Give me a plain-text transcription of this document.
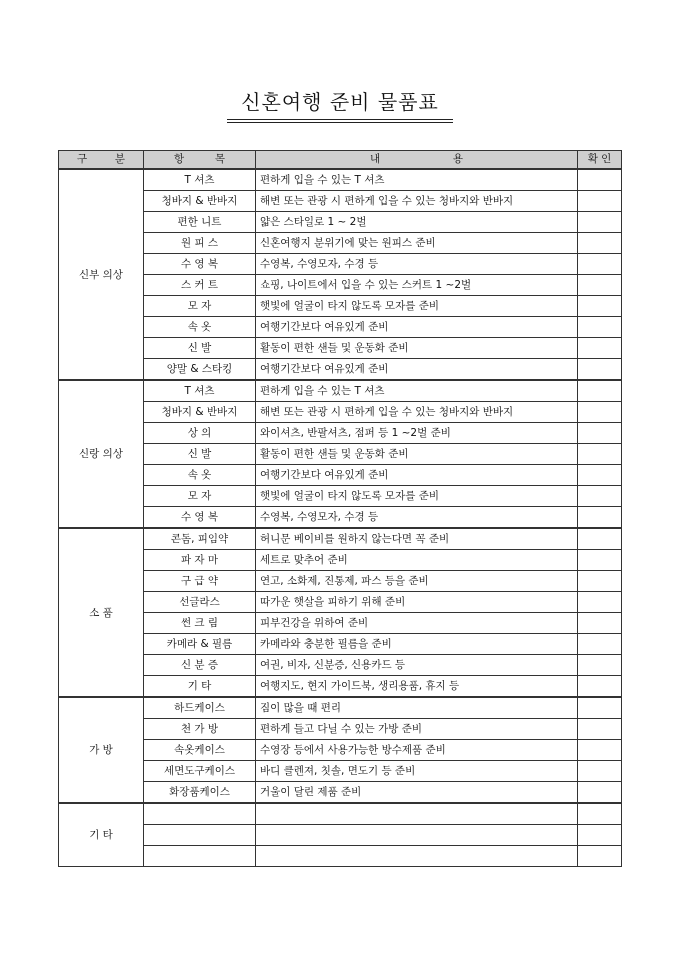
신혼여행 준비 물품표
구 분	항 목	내 용	확 인
신부 의상	T 셔츠	편하게 입을 수 있는 T 셔츠	
	청바지 & 반바지	해변 또는 관광 시 편하게 입을 수 있는 청바지와 반바지	
	편한 니트	얇은 스타일로 1 ~ 2벌	
	원 피 스	신혼여행지 분위기에 맞는 원피스 준비	
	수 영 복	수영복, 수영모자, 수경 등	
	스 커 트	쇼핑, 나이트에서 입을 수 있는 스커트 1 ~2벌	
	모 자	햇빛에 얼굴이 타지 않도록 모자를 준비	
	속 옷	여행기간보다 여유있게 준비	
	신 발	활동이 편한 샌들 및 운동화 준비	
	양말 & 스타킹	여행기간보다 여유있게 준비	
신랑 의상	T 셔츠	편하게 입을 수 있는 T 셔츠	
	청바지 & 반바지	해변 또는 관광 시 편하게 입을 수 있는 청바지와 반바지	
	상 의	와이셔츠, 반팔셔츠, 점퍼 등 1 ~2벌 준비	
	신 발	활동이 편한 샌들 및 운동화 준비	
	속 옷	여행기간보다 여유있게 준비	
	모 자	햇빛에 얼굴이 타지 않도록 모자를 준비	
	수 영 복	수영복, 수영모자, 수경 등	
소 품	콘돔, 피임약	허니문 베이비를 원하지 않는다면 꼭 준비	
	파 자 마	세트로 맞추어 준비	
	구 급 약	연고, 소화제, 진통제, 파스 등을 준비	
	선글라스	따가운 햇살을 피하기 위해 준비	
	썬 크 림	피부건강을 위하여 준비	
	카메라 & 필름	카메라와 충분한 필름을 준비	
	신 분 증	여권, 비자, 신분증, 신용카드 등	
	기 타	여행지도, 현지 가이드북, 생리용품, 휴지 등	
가 방	하드케이스	짐이 많을 때 편리	
	천 가 방	편하게 들고 다닐 수 있는 가방 준비	
	속옷케이스	수영장 등에서 사용가능한 방수제품 준비	
	세면도구케이스	바디 클렌져, 칫솔, 면도기 등 준비	
	화장품케이스	거울이 달린 제품 준비	
기 타			
